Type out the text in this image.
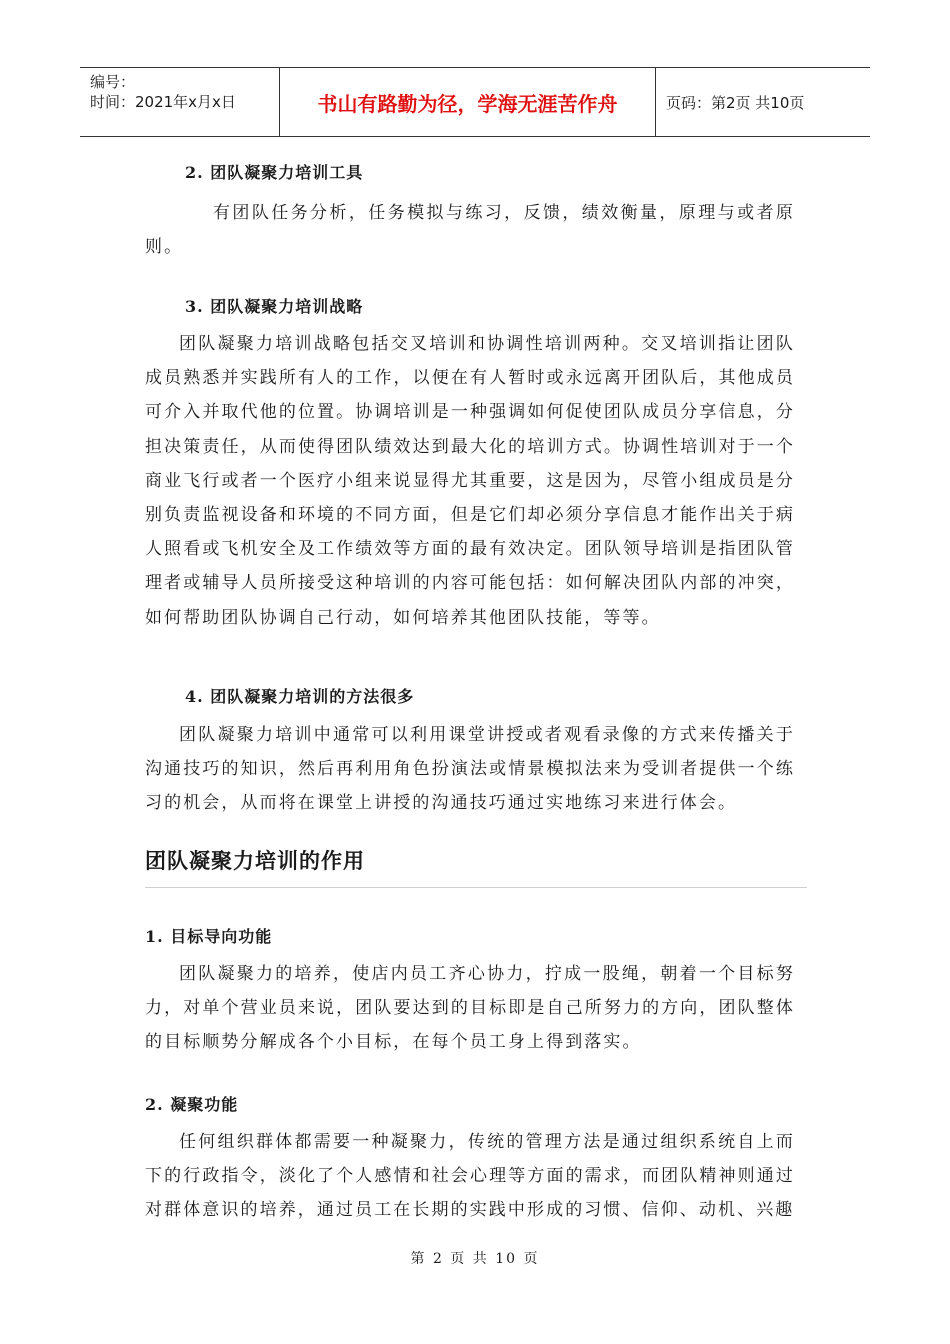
编号：
时间：2021年x月x日	书山有路勤为径，学海无涯苦作舟	页码：第2页 共10页
2. 团队凝聚力培训工具

有团队任务分析，任务模拟与练习，反馈，绩效衡量，原理与或者原则。

3. 团队凝聚力培训战略

团队凝聚力培训战略包括交叉培训和协调性培训两种。交叉培训指让团队成员熟悉并实践所有人的工作，以便在有人暂时或永远离开团队后，其他成员可介入并取代他的位置。协调培训是一种强调如何促使团队成员分享信息，分担决策责任，从而使得团队绩效达到最大化的培训方式。协调性培训对于一个商业飞行或者一个医疗小组来说显得尤其重要，这是因为，尽管小组成员是分别负责监视设备和环境的不同方面，但是它们却必须分享信息才能作出关于病人照看或飞机安全及工作绩效等方面的最有效决定。团队领导培训是指团队管理者或辅导人员所接受这种培训的内容可能包括：如何解决团队内部的冲突，如何帮助团队协调自己行动，如何培养其他团队技能，等等。

4. 团队凝聚力培训的方法很多

团队凝聚力培训中通常可以利用课堂讲授或者观看录像的方式来传播关于沟通技巧的知识，然后再利用角色扮演法或情景模拟法来为受训者提供一个练习的机会，从而将在课堂上讲授的沟通技巧通过实地练习来进行体会。

团队凝聚力培训的作用
1. 目标导向功能

团队凝聚力的培养，使店内员工齐心协力，拧成一股绳，朝着一个目标努力，对单个营业员来说，团队要达到的目标即是自己所努力的方向，团队整体的目标顺势分解成各个小目标，在每个员工身上得到落实。

2. 凝聚功能

任何组织群体都需要一种凝聚力，传统的管理方法是通过组织系统自上而下的行政指令，淡化了个人感情和社会心理等方面的需求，而团队精神则通过对群体意识的培养，通过员工在长期的实践中形成的习惯、信仰、动机、兴趣

第 2 页 共 10 页
